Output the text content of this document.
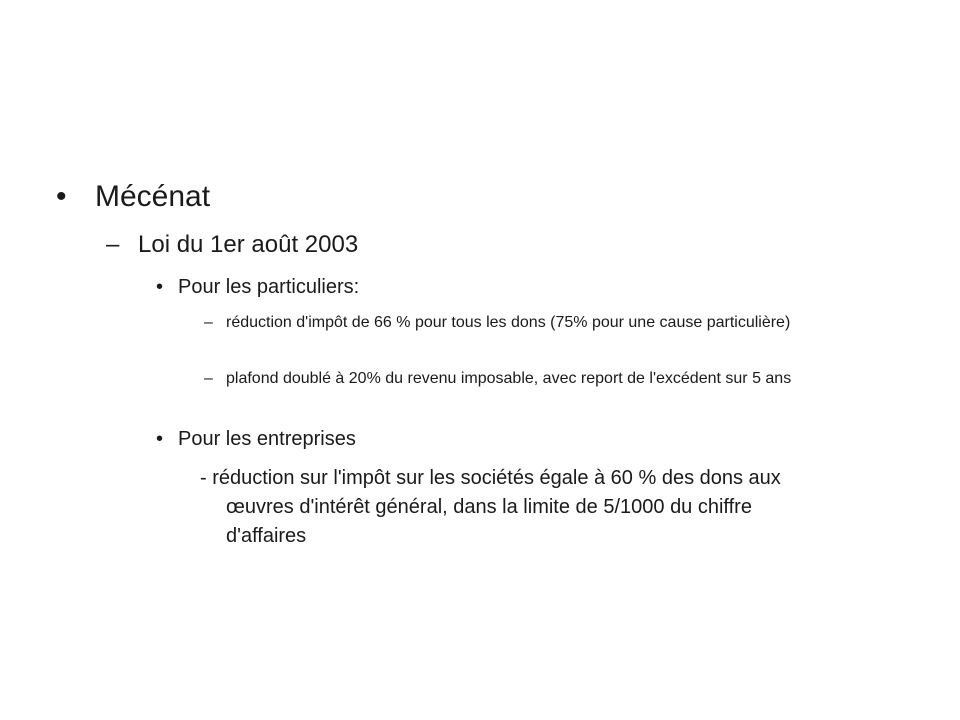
• Mécénat
– Loi du 1er août 2003
• Pour les particuliers:
– réduction d'impôt de 66 % pour tous les dons (75% pour une cause particulière)
– plafond doublé à 20% du revenu imposable, avec report de l'excédent sur 5 ans
• Pour les entreprises
- réduction sur l'impôt sur les sociétés égale à 60 % des dons aux
œuvres d'intérêt général, dans la limite de 5/1000 du chiffre
d'affaires
